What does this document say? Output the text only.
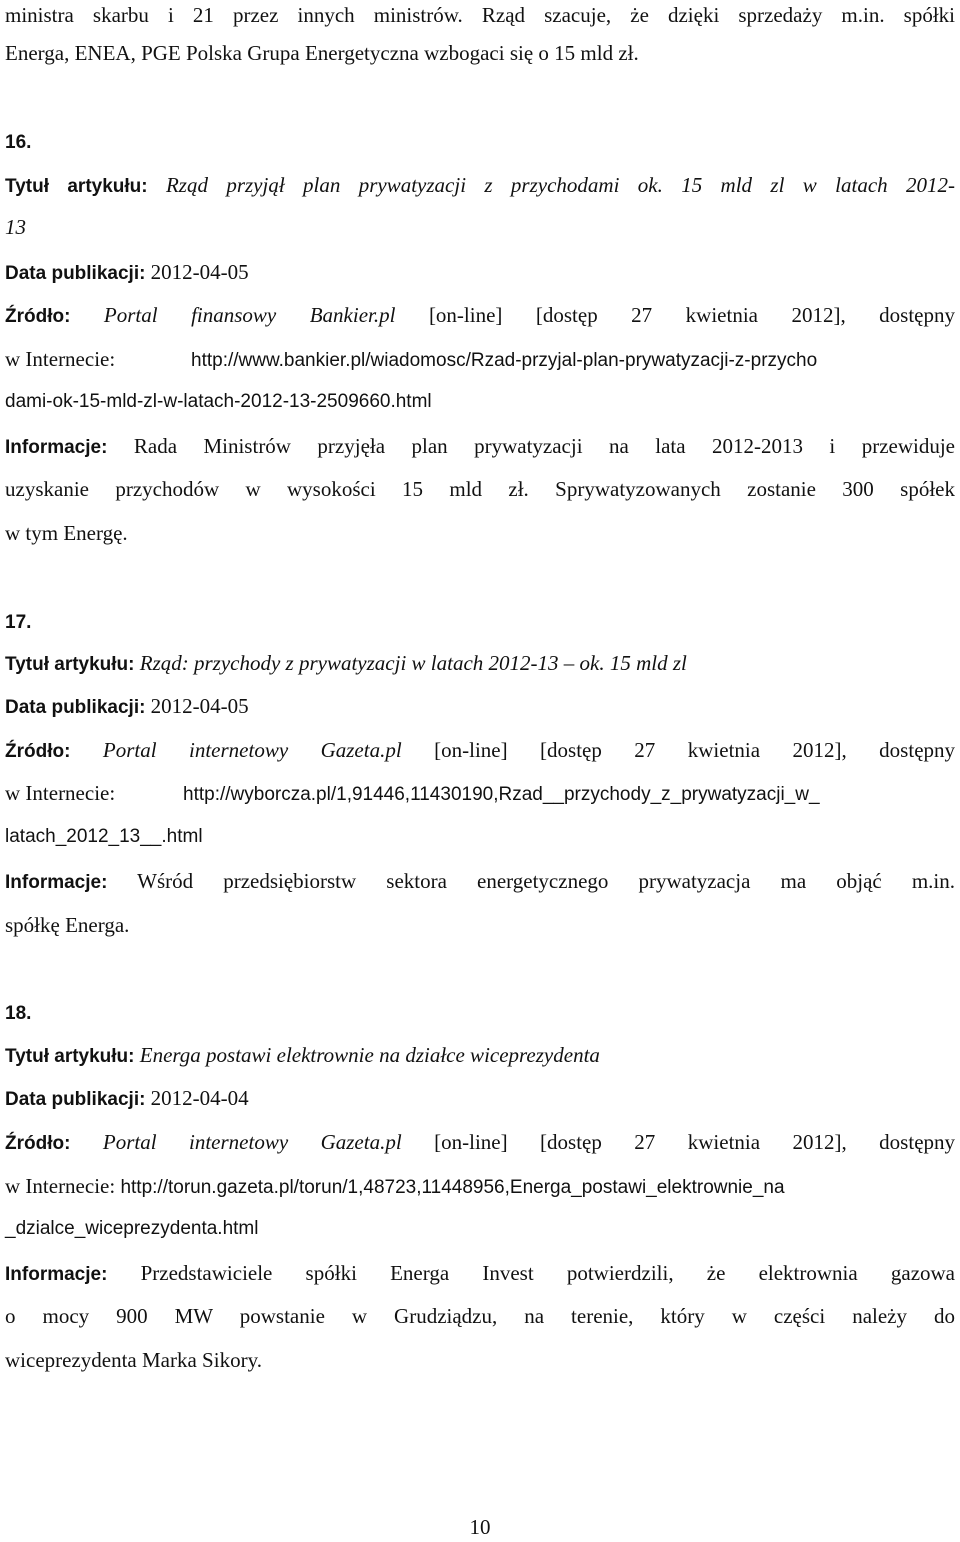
ministra skarbu i 21 przez innych ministrów. Rząd szacuje, że dzięki sprzedaży m.in. spółki
Energa, ENEA, PGE Polska Grupa Energetyczna wzbogaci się o 15 mld zł.
16.
Tytuł artykułu: Rząd przyjął plan prywatyzacji z przychodami ok. 15 mld zl w latach 2012-
13
Data publikacji: 2012-04-05
Źródło: Portal finansowy Bankier.pl [on-line] [dostęp 27 kwietnia 2012], dostępny
w Internecie:	http://www.bankier.pl/wiadomosc/Rzad-przyjal-plan-prywatyzacji-z-przycho
dami-ok-15-mld-zl-w-latach-2012-13-2509660.html
Informacje: Rada Ministrów przyjęła plan prywatyzacji na lata 2012-2013 i przewiduje
uzyskanie przychodów w wysokości 15 mld zł. Sprywatyzowanych zostanie 300 spółek
w tym Energę.
17.
Tytuł artykułu: Rząd: przychody z prywatyzacji w latach 2012-13 – ok. 15 mld zl
Data publikacji: 2012-04-05
Źródło: Portal internetowy Gazeta.pl [on-line] [dostęp 27 kwietnia 2012], dostępny
w Internecie:	http://wyborcza.pl/1,91446,11430190,Rzad__przychody_z_prywatyzacji_w_
latach_2012_13__.html
Informacje: Wśród przedsiębiorstw sektora energetycznego prywatyzacja ma objąć m.in.
spółkę Energa.
18.
Tytuł artykułu: Energa postawi elektrownie na działce wiceprezydenta
Data publikacji: 2012-04-04
Źródło: Portal internetowy Gazeta.pl [on-line] [dostęp 27 kwietnia 2012], dostępny
w Internecie: http://torun.gazeta.pl/torun/1,48723,11448956,Energa_postawi_elektrownie_na
_dzialce_wiceprezydenta.html
Informacje: Przedstawiciele spółki Energa Invest potwierdzili, że elektrownia gazowa
o mocy 900 MW powstanie w Grudziądzu, na terenie, który w części należy do
wiceprezydenta Marka Sikory.
10
